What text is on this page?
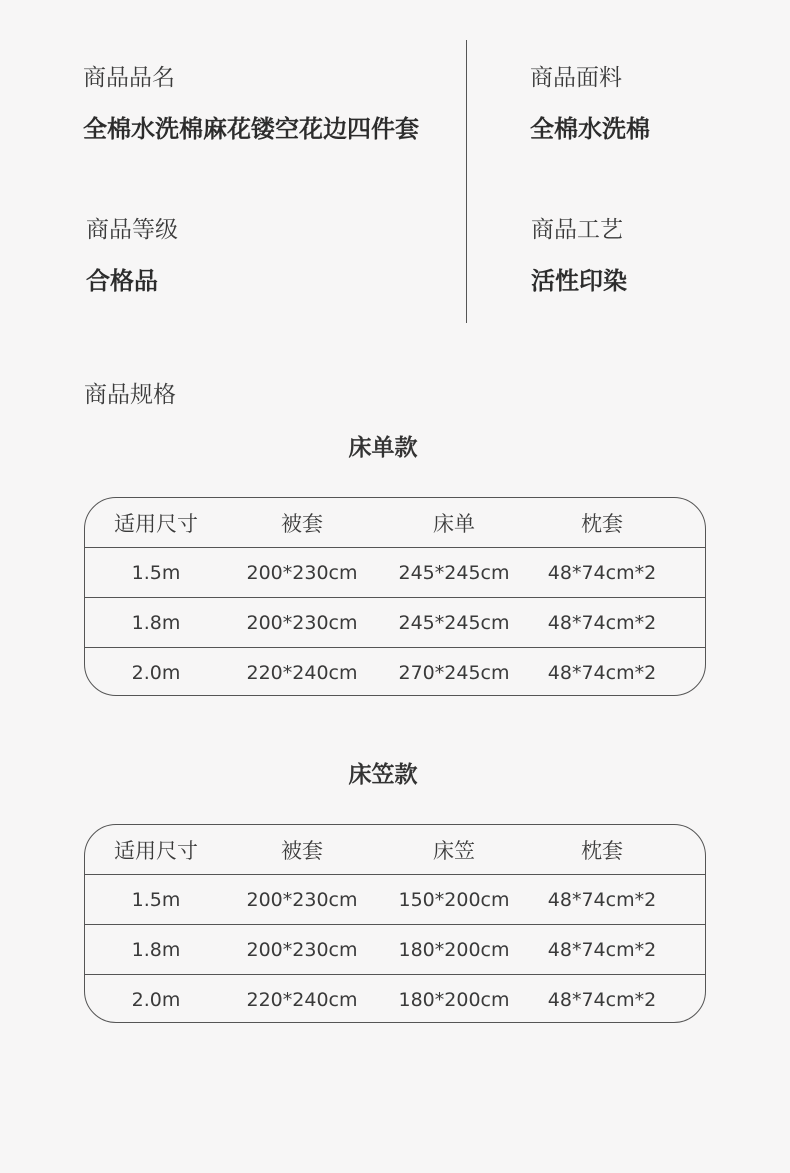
商品品名
全棉水洗棉麻花镂空花边四件套
商品面料
全棉水洗棉
商品等级
合格品
商品工艺
活性印染
商品规格
床单款
适用尺寸	被套	床单	枕套
1.5m	200*230cm	245*245cm	48*74cm*2
1.8m	200*230cm	245*245cm	48*74cm*2
2.0m	220*240cm	270*245cm	48*74cm*2
床笠款
适用尺寸	被套	床笠	枕套
1.5m	200*230cm	150*200cm	48*74cm*2
1.8m	200*230cm	180*200cm	48*74cm*2
2.0m	220*240cm	180*200cm	48*74cm*2
